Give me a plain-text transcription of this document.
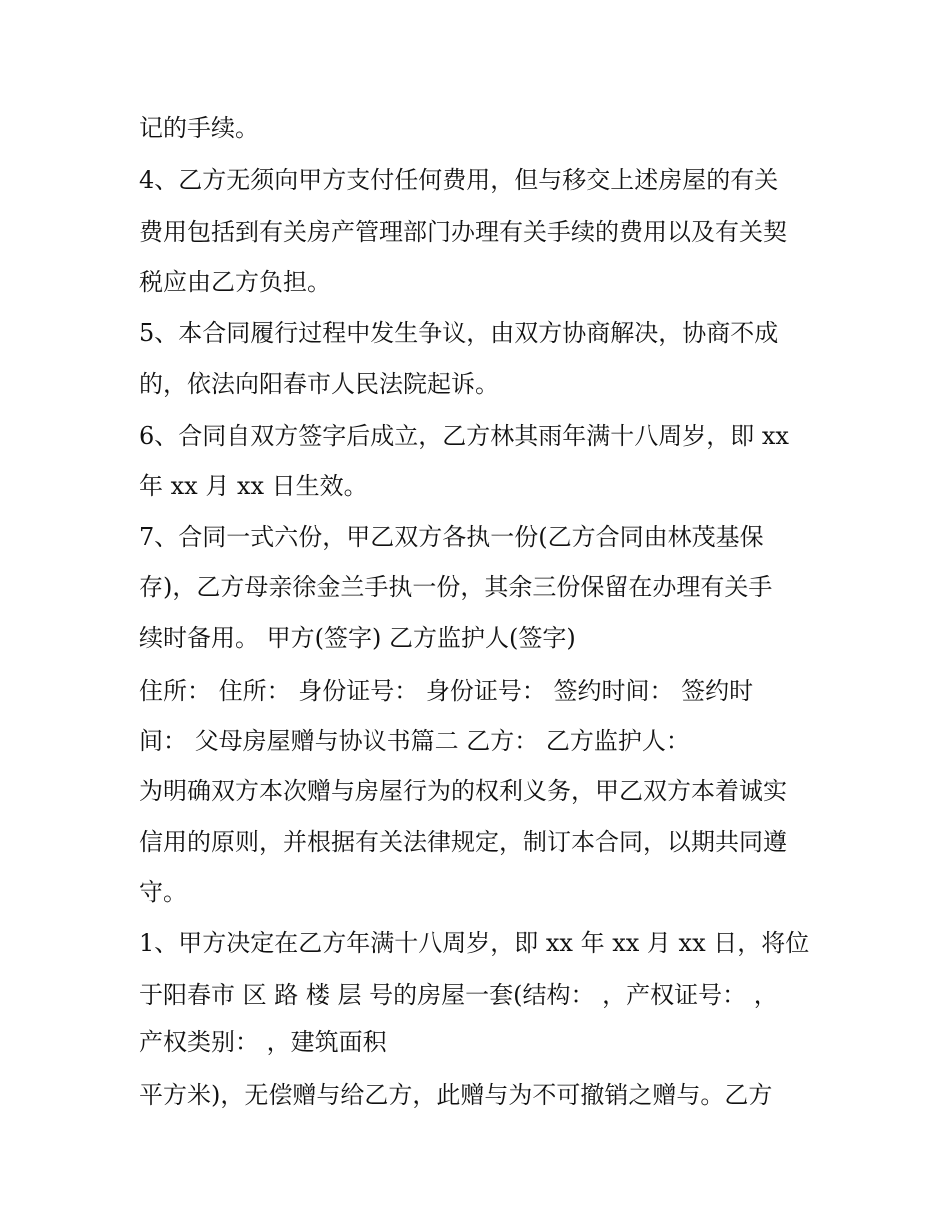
记的手续。
4、乙方无须向甲方支付任何费用，但与移交上述房屋的有关
费用包括到有关房产管理部门办理有关手续的费用以及有关契
税应由乙方负担。
5、本合同履行过程中发生争议，由双方协商解决，协商不成
的，依法向阳春市人民法院起诉。
6、合同自双方签字后成立，乙方林其雨年满十八周岁，即 xx
年 xx 月 xx 日生效。
7、合同一式六份，甲乙双方各执一份(乙方合同由林茂基保
存)，乙方母亲徐金兰手执一份，其余三份保留在办理有关手
续时备用。 甲方(签字) 乙方监护人(签字)
住所： 住所： 身份证号： 身份证号： 签约时间： 签约时
间： 父母房屋赠与协议书篇二 乙方： 乙方监护人：
为明确双方本次赠与房屋行为的权利义务，甲乙双方本着诚实
信用的原则，并根据有关法律规定，制订本合同，以期共同遵
守。
1、甲方决定在乙方年满十八周岁，即 xx 年 xx 月 xx 日，将位
于阳春市 区 路 楼 层 号的房屋一套(结构： ，产权证号： ，
产权类别： ，建筑面积
平方米)，无偿赠与给乙方，此赠与为不可撤销之赠与。乙方
